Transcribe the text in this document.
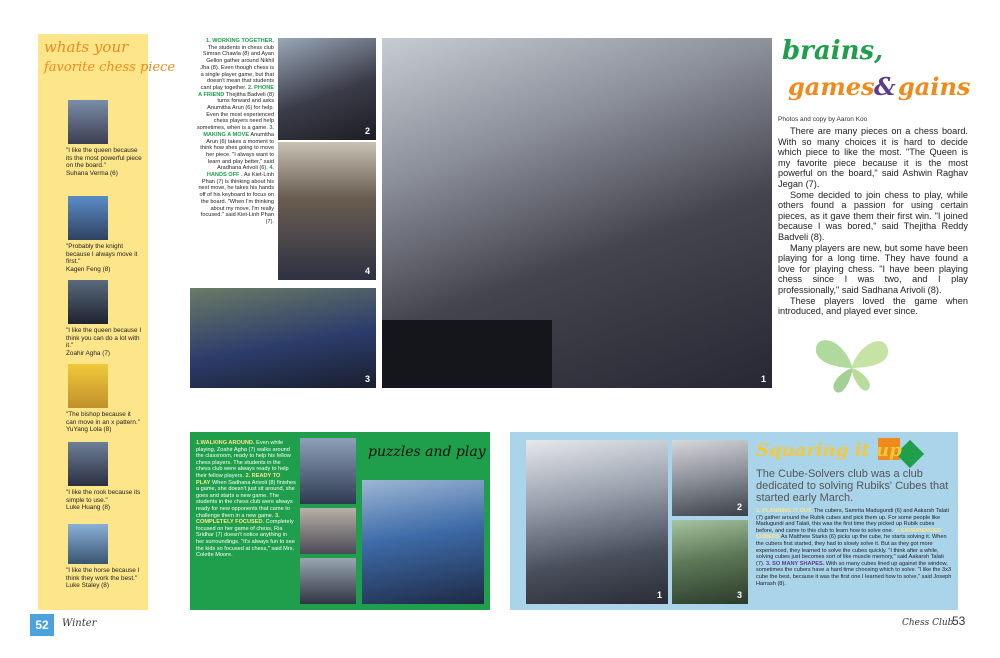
whats your
favorite chess piece
"I like the queen because its the most powerful piece on the board."
Suhana Verma (6)
"Probably the knight because I always move it first."
Kagen Feng (8)
"I like the queen because I think you can do a lot with it."
Zoahir Agha (7)
"The bishop because it can move in an x pattern."
YuYang Lola (8)
"I like the rook because its simple to use."
Luke Huang (8)
"I like the horse because I think they work the best."
Luke Staley (8)
1. WORKING TOGETHER. The students in chess club Simran Chawla (8) and Ayan Gellon gather around Nikhil Jha (8). Even though chess is a single player game, but that doesn't mean that students cant play together. 2. PHONE A FRIEND Thejitha Badveli (8) turns forward and asks Anumitha Arun (6) for help. Even the most experienced chess players need help sometimes, when is a game. 3. MAKING A MOVE Anumitha Arun (6) takes a moment to think how shes going to move her piece. "I always want to learn and play better," said Aradhana Arivoli (6). 4. HANDS OFF . As Kiet-Linh Phan (7) is thinking about his next move, he takes his hands off of his keyboard to focus on the board. "When I'm thinking about my move, I'm really focused." said Kiet-Linh Phan (7).
2
4
3	1
1.WALKING AROUND. Even while playing, Zoahir Agha (7) walks around the classroom, ready to help his fellow chess players. The students in the chess club were always ready to help their fellow players. 2. READY TO PLAY When Sadhana Arivoli (8) finishes a game, she doesn't just sit around, she goes and starts a new game. The students in the chess club were always ready for new opponents that came to challenge them in a new game. 3. COMPLETELY FOCUSED. Completely focused on her game of chess, Ria Sridhar (7) doesn't notice anything in her surroundings. "It's always fun to see the kids so focused at chess," said Mrs. Colette Moore.
puzzles and play
52	Winter
brains,
games & gains
Photos and copy by Aaron Koo

There are many pieces on a chess board. With so many choices it is hard to decide which piece to like the most. "The Queen is my favorite piece because it is the most powerful on the board," said Ashwin Raghav Jegan (7).

Some decided to join chess to play, while others found a passion for using certain pieces, as it gave them their first win. "I joined because I was bored," said Thejitha Reddy Badveli (8).

Many players are new, but some have been playing for a long time. They have found a love for playing chess. "I have been playing chess since I was two, and I play professionally," said Sadhana Arivoli (8).

These players loved the game when introduced, and played ever since.

1
2
3
Squaring it up
The Cube-Solvers club was a club dedicated to solving Rubiks' Cubes that started early March.
1. PLANNING IT OUT. The cubers, Samrita Madugundi (6) and Aakarsh Talati (7) gather around the Rubik cubes and pick them up. For some people like Madugundi and Talati, this was the first time they picked up Rubik cubes before, and came to this club to learn how to solve one. 2. EXPERIENCED CUBERS As Matthew Starks (6) picks up the cube, he starts solving it. When the cubers first started, they had to slowly solve it. But as they got more experienced, they learned to solve the cubes quickly. "I think after a while, solving cubes just becomes sort of like muscle memory," said Aakarsh Talati (7). 3. SO MANY SHAPES. With so many cubes lined up against the window, sometimes the cubers have a hard time choosing which to solve. "I like the 3x3 cube the best, because it was the first one I learned how to solve," said Joseph Harrash (8).
Chess Club
53
